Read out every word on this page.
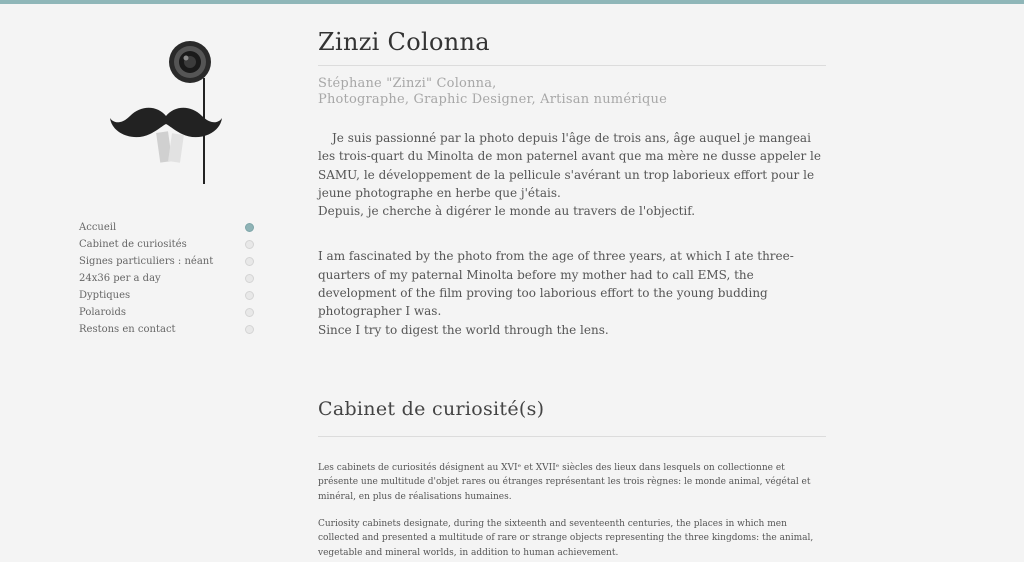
Accueil
Cabinet de curiosités
Signes particuliers : néant
24x36 per a day
Dyptiques
Polaroids
Restons en contact
Zinzi Colonna
Stéphane "Zinzi" Colonna,
Photographe, Graphic Designer, Artisan numérique

Je suis passionné par la photo depuis l'âge de trois ans, âge auquel je mangeai les trois-quart du Minolta de mon paternel avant que ma mère ne dusse appeler le SAMU, le développement de la pellicule s'avérant un trop laborieux effort pour le jeune photographe en herbe que j'étais.

Depuis, je cherche à digérer le monde au travers de l'objectif.

I am fascinated by the photo from the age of three years, at which I ate three-quarters of my paternal Minolta before my mother had to call EMS, the development of the film proving too laborious effort to the young budding photographer I was.

Since I try to digest the world through the lens.

Cabinet de curiosité(s)

Les cabinets de curiosités désignent au XVIᵉ et XVIIᵉ siècles des lieux dans lesquels on collectionne et présente une multitude d'objet rares ou étranges représentant les trois règnes: le monde animal, végétal et minéral, en plus de réalisations humaines.

Curiosity cabinets designate, during the sixteenth and seventeenth centuries, the places in which men collected and presented a multitude of rare or strange objects representing the three kingdoms: the animal, vegetable and mineral worlds, in addition to human achievement.
